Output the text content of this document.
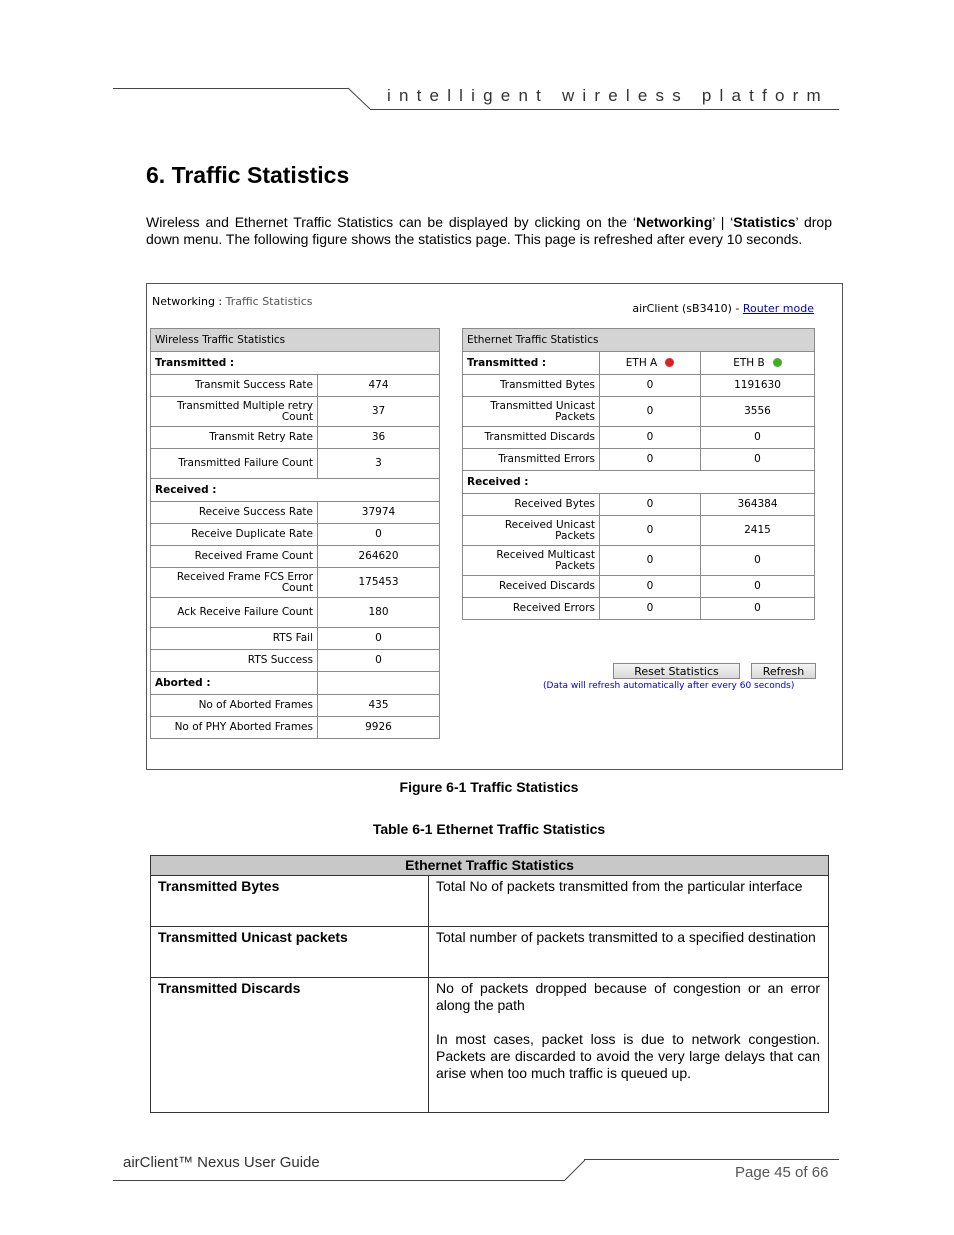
intelligent wireless platform
6. Traffic Statistics
Wireless and Ethernet Traffic Statistics can be displayed by clicking on the ‘Networking’ | ‘Statistics’ drop down menu. The following figure shows the statistics page. This page is refreshed after every 10 seconds.
Networking : Traffic Statistics
airClient (sB3410) - Router mode
Wireless Traffic Statistics	
Transmitted :	
Transmit Success Rate	474
Transmitted Multiple retry Count	37
Transmit Retry Rate	36
Transmitted Failure Count	3
Received :	
Receive Success Rate	37974
Receive Duplicate Rate	0
Received Frame Count	264620
Received Frame FCS Error Count	175453
Ack Receive Failure Count	180
RTS Fail	0
RTS Success	0
Aborted :	
No of Aborted Frames	435
No of PHY Aborted Frames	9926
Ethernet Traffic Statistics		
Transmitted :	ETH A	ETH B
Transmitted Bytes	0	1191630
Transmitted Unicast Packets	0	3556
Transmitted Discards	0	0
Transmitted Errors	0	0
Received :		
Received Bytes	0	364384
Received Unicast Packets	0	2415
Received Multicast Packets	0	0
Received Discards	0	0
Received Errors	0	0
Reset Statistics	Refresh
(Data will refresh automatically after every 60 seconds)
Figure 6-1 Traffic Statistics
Table 6-1 Ethernet Traffic Statistics
Ethernet Traffic Statistics	
Transmitted Bytes	Total No of packets transmitted from the particular interface
Transmitted Unicast packets	Total number of packets transmitted to a specified destination
Transmitted Discards	No of packets dropped because of congestion or an error along the path
In most cases, packet loss is due to network congestion. Packets are discarded to avoid the very large delays that can arise when too much traffic is queued up.
airClient™ Nexus User Guide
Page 45 of 66
